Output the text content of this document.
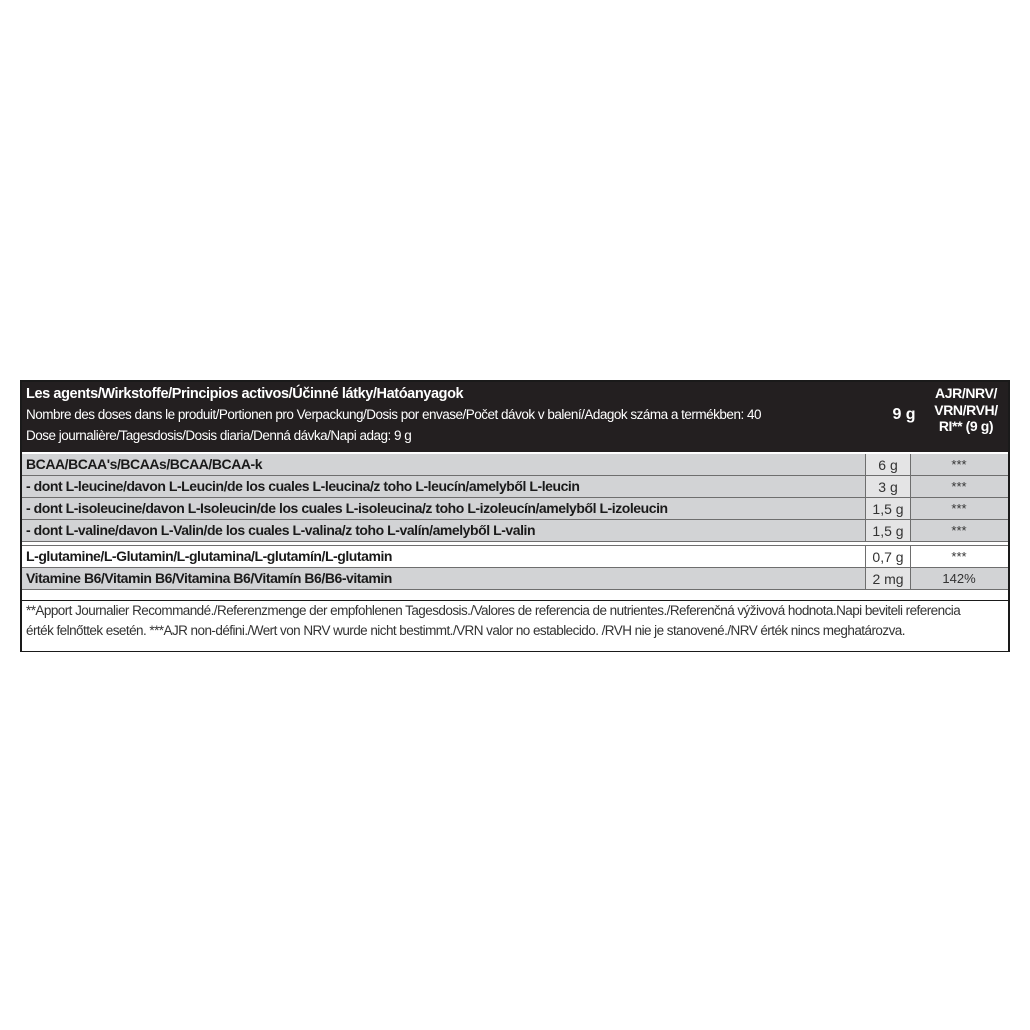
Les agents/Wirkstoffe/Principios activos/Účinné látky/Hatóanyagok
Nombre des doses dans le produit/Portionen pro Verpackung/Dosis por envase/Počet dávok v balení/Adagok száma a termékben: 40
Dose journalière/Tagesdosis/Dosis diaria/Denná dávka/Napi adag: 9 g
9 g
AJR/NRV/
VRN/RVH/
RI** (9 g)
BCAA/BCAA's/BCAAs/BCAA/BCAA-k	6 g	***
- dont L-leucine/davon L-Leucin/de los cuales L-leucina/z toho L-leucín/amelyből L-leucin	3 g	***
- dont L-isoleucine/davon L-Isoleucin/de los cuales L-isoleucina/z toho L-izoleucín/amelyből L-izoleucin	1,5 g	***
- dont L-valine/davon L-Valin/de los cuales L-valina/z toho L-valín/amelyből L-valin	1,5 g	***
L-glutamine/L-Glutamin/L-glutamina/L-glutamín/L-glutamin	0,7 g	***
Vitamine B6/Vitamin B6/Vitamina B6/Vitamín B6/B6-vitamin	2 mg	142%
**Apport Journalier Recommandé./Referenzmenge der empfohlenen Tagesdosis./Valores de referencia de nutrientes./Referenčná výživová hodnota.Napi beviteli referencia
érték felnőttek esetén. ***AJR non-défini./Wert von NRV wurde nicht bestimmt./VRN valor no establecido. /RVH nie je stanovené./NRV érték nincs meghatározva.
